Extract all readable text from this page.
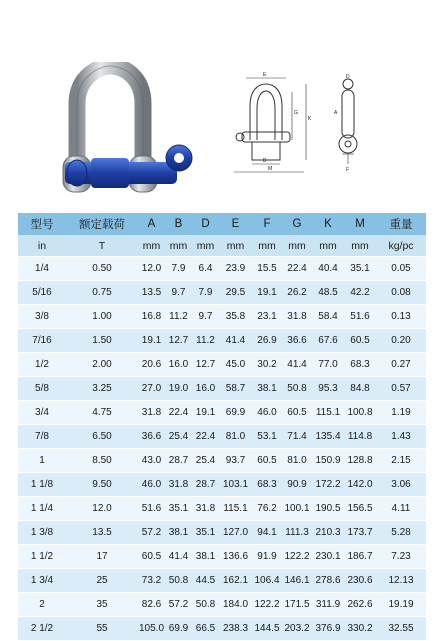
· · · ·
E
K
G
M
B
D
F
A
型号	额定载荷	A	B	D	E	F	G	K	M	重量
in	T	mm	mm	mm	mm	mm	mm	mm	mm	kg/pc
1/4	0.50	12.0	7.9	6.4	23.9	15.5	22.4	40.4	35.1	0.05
5/16	0.75	13.5	9.7	7.9	29.5	19.1	26.2	48.5	42.2	0.08
3/8	1.00	16.8	11.2	9.7	35.8	23.1	31.8	58.4	51.6	0.13
7/16	1.50	19.1	12.7	11.2	41.4	26.9	36.6	67.6	60.5	0.20
1/2	2.00	20.6	16.0	12.7	45.0	30.2	41.4	77.0	68.3	0.27
5/8	3.25	27.0	19.0	16.0	58.7	38.1	50.8	95.3	84.8	0.57
3/4	4.75	31.8	22.4	19.1	69.9	46.0	60.5	115.1	100.8	1.19
7/8	6.50	36.6	25.4	22.4	81.0	53.1	71.4	135.4	114.8	1.43
1	8.50	43.0	28.7	25.4	93.7	60.5	81.0	150.9	128.8	2.15
1 1/8	9.50	46.0	31.8	28.7	103.1	68.3	90.9	172.2	142.0	3.06
1 1/4	12.0	51.6	35.1	31.8	115.1	76.2	100.1	190.5	156.5	4.11
1 3/8	13.5	57.2	38.1	35.1	127.0	94.1	111.3	210.3	173.7	5.28
1 1/2	17	60.5	41.4	38.1	136.6	91.9	122.2	230.1	186.7	7.23
1 3/4	25	73.2	50.8	44.5	162.1	106.4	146.1	278.6	230.6	12.13
2	35	82.6	57.2	50.8	184.0	122.2	171.5	311.9	262.6	19.19
2 1/2	55	105.0	69.9	66.5	238.3	144.5	203.2	376.9	330.2	32.55
